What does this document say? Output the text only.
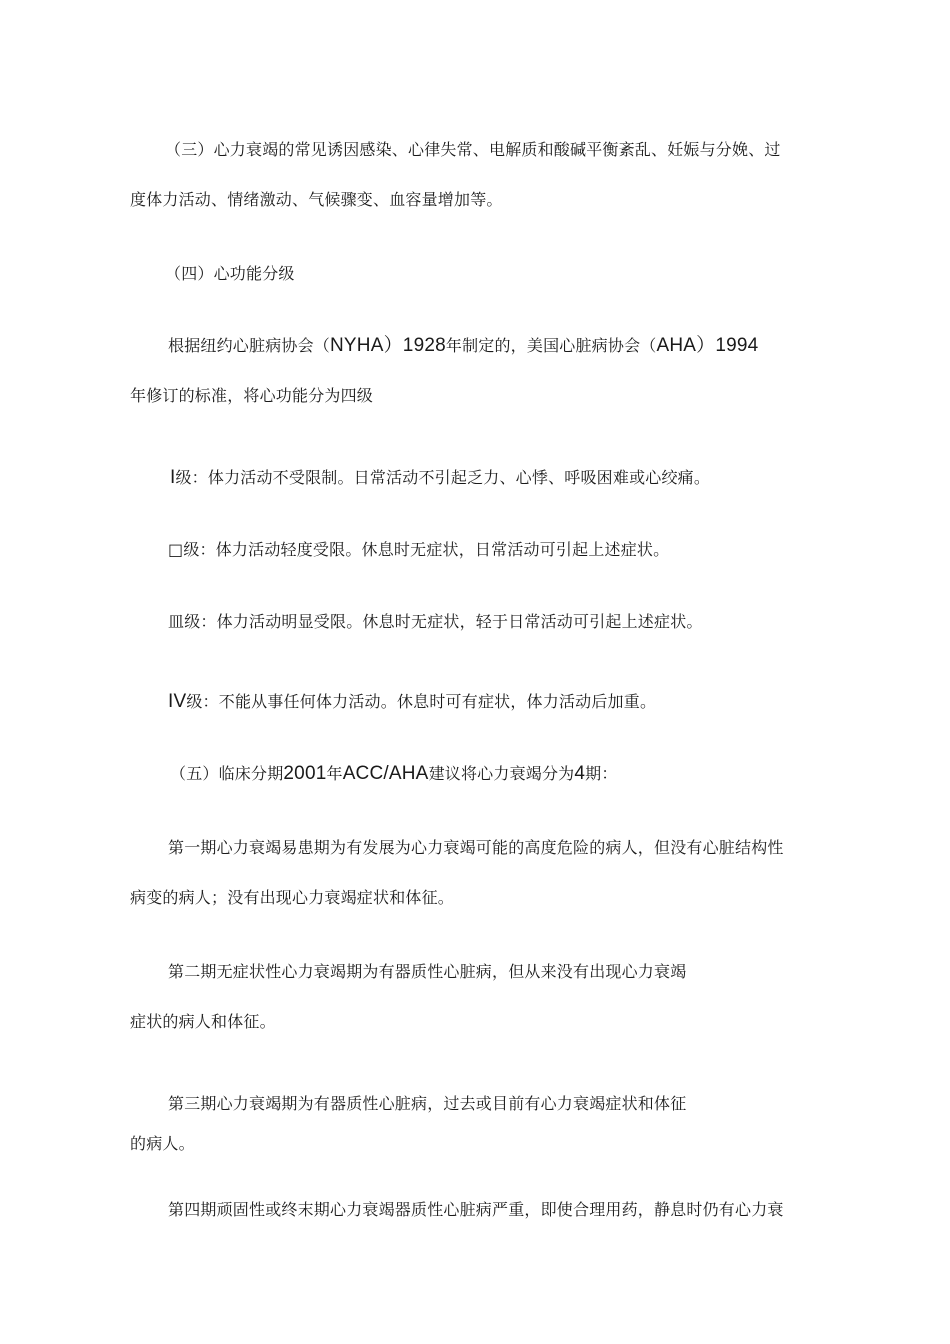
（三）心力衰竭的常见诱因感染、心律失常、电解质和酸碱平衡紊乱、妊娠与分娩、过
度体力活动、情绪激动、气候骤变、血容量增加等。
（四）心功能分级
根据纽约心脏病协会（NYHA）1928年制定的，美国心脏病协会（AHA）1994
年修订的标准，将心功能分为四级
I级：体力活动不受限制。日常活动不引起乏力、心悸、呼吸困难或心绞痛。
□级：体力活动轻度受限。休息时无症状，日常活动可引起上述症状。
皿级：体力活动明显受限。休息时无症状，轻于日常活动可引起上述症状。
IV级：不能从事任何体力活动。休息时可有症状，体力活动后加重。
（五）临床分期2001年ACC/AHA建议将心力衰竭分为4期：
第一期心力衰竭易患期为有发展为心力衰竭可能的高度危险的病人，但没有心脏结构性
病变的病人；没有出现心力衰竭症状和体征。
第二期无症状性心力衰竭期为有器质性心脏病，但从来没有出现心力衰竭
症状的病人和体征。
第三期心力衰竭期为有器质性心脏病，过去或目前有心力衰竭症状和体征
的病人。
第四期顽固性或终末期心力衰竭器质性心脏病严重，即使合理用药，静息时仍有心力衰
